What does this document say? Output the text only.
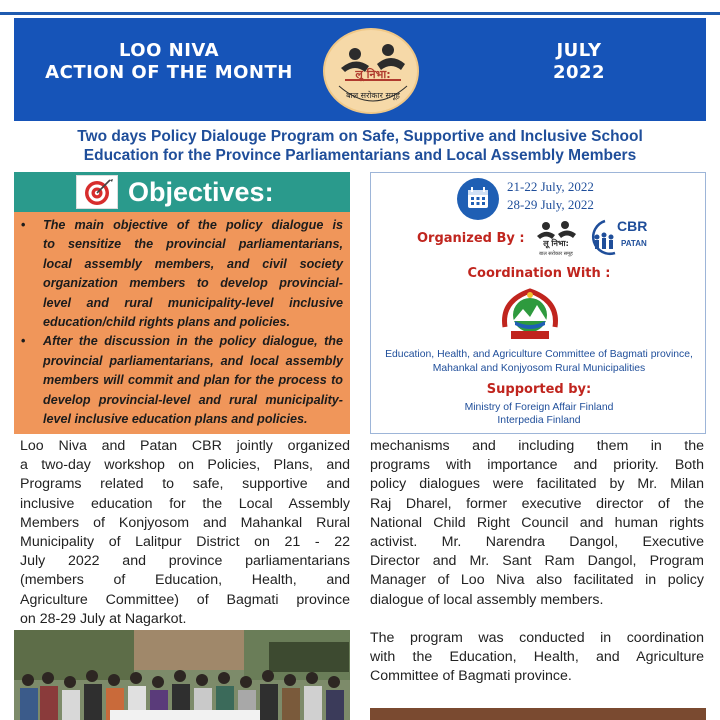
LOO NIVA
ACTION OF THE MONTH	लू निभा:
बाल सरोकार समूह
JULY
2022
Two days Policy Dialouge Program on Safe, Supportive and Inclusive School
Education for the Province Parliamentarians and Local Assembly Members
Objectives:
• The main objective of the policy dialogue is
to sensitize the provincial parliamentarians,
local assembly members, and civil society
organization members to develop provincial-
level and rural municipality-level inclusive
education/child rights plans and policies.
• After the discussion in the policy dialogue, the
provincial parliamentarians, and local assembly
members will commit and plan for the process to
develop provincial-level and rural municipality-
level inclusive education plans and policies.
21-22 July, 2022
28-29 July, 2022
Organized By : लू निभा:
बाल सरोकार समूह
CBR
PATAN
Coordination With :
Education, Health, and Agriculture Committee of Bagmati province,
Mahankal and Konjyosom Rural Municipalities
Supported by:
Ministry of Foreign Affair Finland
Interpedia Finland
Loo Niva and Patan CBR jointly organized
a two-day workshop on Policies, Plans, and
Programs related to safe, supportive and
inclusive education for the Local Assembly
Members of Konjyosom and Mahankal Rural
Municipality of Lalitpur District on 21 - 22
July 2022 and province parliamentarians
(members of Education, Health, and
Agriculture Committee) of Bagmati province
on 28-29 July at Nagarkot.
mechanisms and including them in the
programs with importance and priority. Both
policy dialogues were facilitated by Mr. Milan
Raj Dharel, former executive director of the
National Child Right Council and human rights
activist. Mr. Narendra Dangol, Executive
Director and Mr. Sant Ram Dangol, Program
Manager of Loo Niva also facilitated in policy
dialogue of local assembly members.
The program was conducted in coordination
with the Education, Health, and Agriculture
Committee of Bagmati province.
